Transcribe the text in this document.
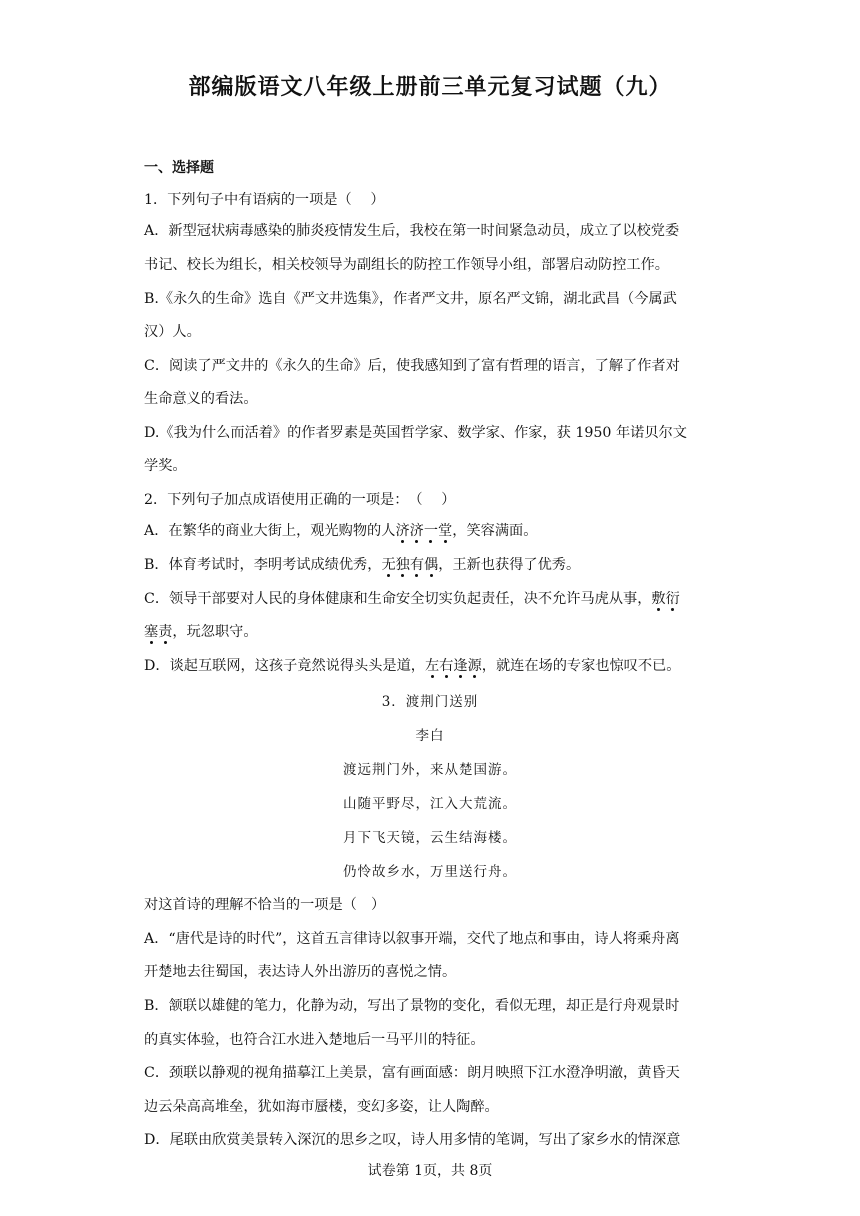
部编版语文八年级上册前三单元复习试题（九）
一、选择题
1．下列句子中有语病的一项是（　 ）
A．新型冠状病毒感染的肺炎疫情发生后，我校在第一时间紧急动员，成立了以校党委
书记、校长为组长，相关校领导为副组长的防控工作领导小组，部署启动防控工作。
B.《永久的生命》选自《严文井选集》，作者严文井，原名严文锦，湖北武昌（今属武
汉）人。
C．阅读了严文井的《永久的生命》后，使我感知到了富有哲理的语言，了解了作者对
生命意义的看法。
D.《我为什么而活着》的作者罗素是英国哲学家、数学家、作家，获 1950 年诺贝尔文
学奖。
2．下列句子加点成语使用正确的一项是：　（　 ）
A．在繁华的商业大街上，观光购物的人济济一堂，笑容满面。
B．体育考试时，李明考试成绩优秀，无独有偶，王新也获得了优秀。
C．领导干部要对人民的身体健康和生命安全切实负起责任，决不允许马虎从事，敷衍
塞责，玩忽职守。
D．谈起互联网，这孩子竟然说得头头是道，左右逢源，就连在场的专家也惊叹不已。
3．渡荆门送别
李白
渡远荆门外，来从楚国游。
山随平野尽，江入大荒流。
月下飞天镜，云生结海楼。
仍怜故乡水，万里送行舟。
对这首诗的理解不恰当的一项是（　）
A．“唐代是诗的时代”，这首五言律诗以叙事开端，交代了地点和事由，诗人将乘舟离
开楚地去往蜀国，表达诗人外出游历的喜悦之情。
B．颔联以雄健的笔力，化静为动，写出了景物的变化，看似无理，却正是行舟观景时
的真实体验，也符合江水进入楚地后一马平川的特征。
C．颈联以静观的视角描摹江上美景，富有画面感：朗月映照下江水澄净明澈，黄昏天
边云朵高高堆垒，犹如海市蜃楼，变幻多姿，让人陶醉。
D．尾联由欣赏美景转入深沉的思乡之叹，诗人用多情的笔调，写出了家乡水的情深意
试卷第 1页，共 8页
